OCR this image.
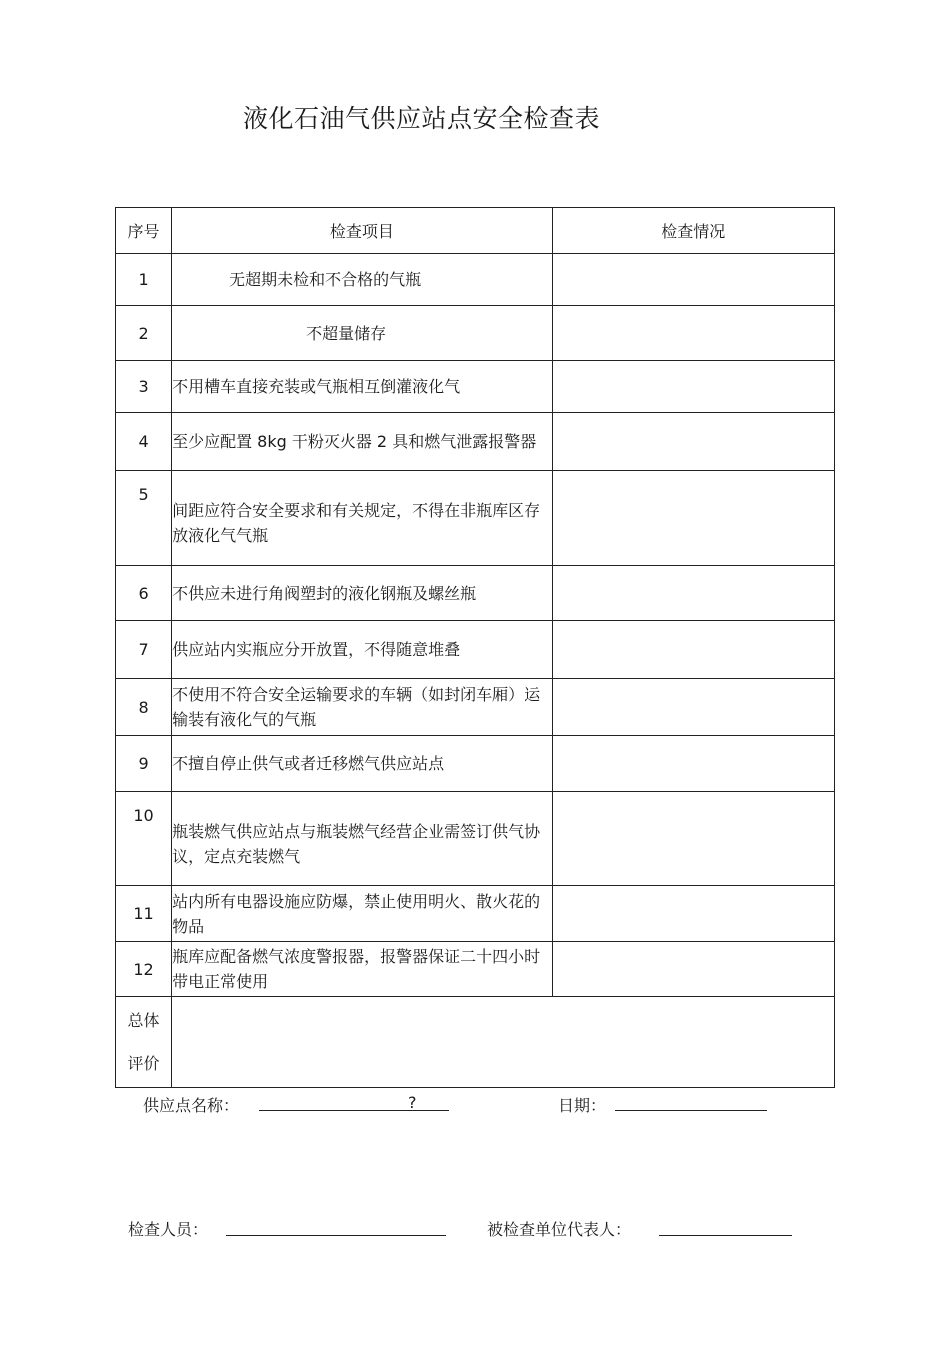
液化石油气供应站点安全检查表
序号	检查项目	检查情况
1	无超期未检和不合格的气瓶	

2	不超量储存	

3	不用槽车直接充装或气瓶相互倒灌液化气	
4	至少应配置 8kg 干粉灭火器 2 具和燃气泄露报警器	
5	间距应符合安全要求和有关规定，不得在非瓶库区存放液化气气瓶	

6	不供应未进行角阀塑封的液化钢瓶及螺丝瓶	
7	供应站内实瓶应分开放置，不得随意堆叠	
8	不使用不符合安全运输要求的车辆（如封闭车厢）运输装有液化气的气瓶	
9	不擅自停止供气或者迁移燃气供应站点	
10	瓶装燃气供应站点与瓶装燃气经营企业需签订供气协议，定点充装燃气	

11	站内所有电器设施应防爆，禁止使用明火、散火花的物品	
12	瓶库应配备燃气浓度警报器，报警器保证二十四小时带电正常使用	

总体
评价		

供应点名称：	?	日期：
检查人员：	被检查单位代表人：
